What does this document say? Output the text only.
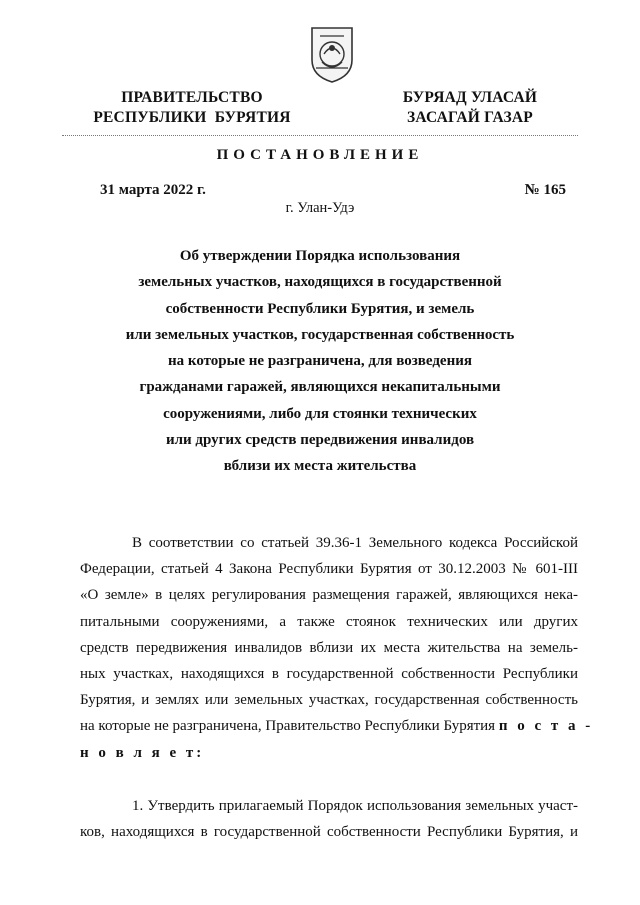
ПРАВИТЕЛЬСТВО
РЕСПУБЛИКИ  БУРЯТИЯ
БУРЯАД УЛАСАЙ
ЗАСАГАЙ ГАЗАР
ПОСТАНОВЛЕНИЕ
31 марта 2022 г.	№ 165
г. Улан-Удэ
Об утверждении Порядка использования
земельных участков, находящихся в государственной
собственности Республики Бурятия, и земель
или земельных участков, государственная собственность
на которые не разграничена, для возведения
гражданами гаражей, являющихся некапитальными
сооружениями, либо для стоянки технических
или других средств передвижения инвалидов
вблизи их места жительства
В соответствии со статьей 39.36-1 Земельного кодекса Российской
Федерации, статьей 4 Закона Республики Бурятия от 30.12.2003 № 601-III
«О земле» в целях регулирования размещения гаражей, являющихся некa-
питальными сооружениями, а также стоянок технических или других
средств передвижения инвалидов вблизи их места жительства на земель-
ных участках, находящихся в государственной собственности Республики
Бурятия, и землях или земельных участках, государственная собственность
на которые не разграничена, Правительство Республики Бурятия п о с т а -
н о в л я е т:
1. Утвердить прилагаемый Порядок использования земельных участ-
ков, находящихся в государственной собственности Республики Бурятия, и
